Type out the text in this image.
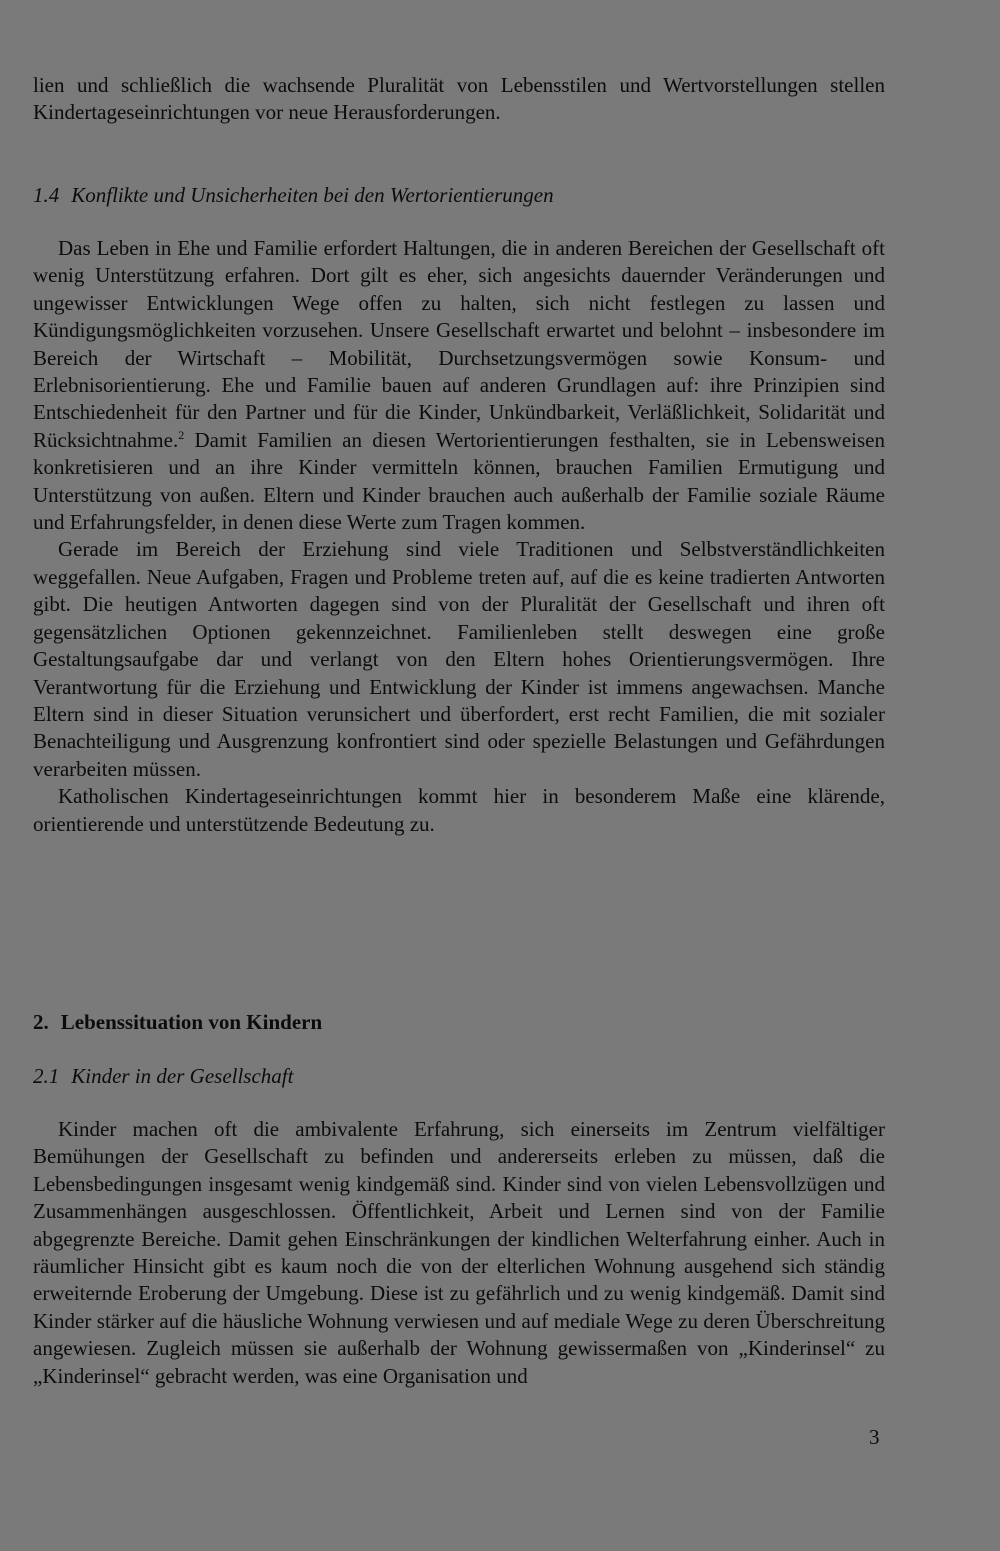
lien und schließlich die wachsende Pluralität von Lebensstilen und Wertvorstellungen stellen Kindertageseinrichtungen vor neue Herausforderungen.

1.4 Konflikte und Unsicherheiten bei den Wertorientierungen

Das Leben in Ehe und Familie erfordert Haltungen, die in anderen Bereichen der Gesellschaft oft wenig Unterstützung erfahren. Dort gilt es eher, sich angesichts dauernder Veränderungen und ungewisser Entwicklungen Wege offen zu halten, sich nicht festlegen zu lassen und Kündigungsmöglichkeiten vorzusehen. Unsere Gesellschaft erwartet und belohnt – insbesondere im Bereich der Wirtschaft – Mobilität, Durchsetzungsvermögen sowie Konsum- und Erlebnisorientierung. Ehe und Familie bauen auf anderen Grundlagen auf: ihre Prinzipien sind Entschiedenheit für den Partner und für die Kinder, Unkündbarkeit, Verläßlichkeit, Solidarität und Rücksichtnahme.$^2$ Damit Familien an diesen Wertorientierungen festhalten, sie in Lebensweisen konkretisieren und an ihre Kinder vermitteln können, brauchen Familien Ermutigung und Unterstützung von außen. Eltern und Kinder brauchen auch außerhalb der Familie soziale Räume und Erfahrungsfelder, in denen diese Werte zum Tragen kommen.

Gerade im Bereich der Erziehung sind viele Traditionen und Selbstverständlichkeiten weggefallen. Neue Aufgaben, Fragen und Probleme treten auf, auf die es keine tradierten Antworten gibt. Die heutigen Antworten dagegen sind von der Pluralität der Gesellschaft und ihren oft gegensätzlichen Optionen gekennzeichnet. Familienleben stellt deswegen eine große Gestaltungsaufgabe dar und verlangt von den Eltern hohes Orientierungsvermögen. Ihre Verantwortung für die Erziehung und Entwicklung der Kinder ist immens angewachsen. Manche Eltern sind in dieser Situation verunsichert und überfordert, erst recht Familien, die mit sozialer Benachteiligung und Ausgrenzung konfrontiert sind oder spezielle Belastungen und Gefährdungen verarbeiten müssen.

Katholischen Kindertageseinrichtungen kommt hier in besonderem Maße eine klärende, orientierende und unterstützende Bedeutung zu.

2. Lebenssituation von Kindern
2.1 Kinder in der Gesellschaft

Kinder machen oft die ambivalente Erfahrung, sich einerseits im Zentrum vielfältiger Bemühungen der Gesellschaft zu befinden und andererseits erleben zu müssen, daß die Lebensbedingungen insgesamt wenig kindgemäß sind. Kinder sind von vielen Lebensvollzügen und Zusammenhängen ausgeschlossen. Öffentlichkeit, Arbeit und Lernen sind von der Familie abgegrenzte Bereiche. Damit gehen Einschränkungen der kindlichen Welterfahrung einher. Auch in räumlicher Hinsicht gibt es kaum noch die von der elterlichen Wohnung ausgehend sich ständig erweiternde Eroberung der Umgebung. Diese ist zu gefährlich und zu wenig kindgemäß. Damit sind Kinder stärker auf die häusliche Wohnung verwiesen und auf mediale Wege zu deren Überschreitung angewiesen. Zugleich müssen sie außerhalb der Wohnung gewissermaßen von „Kinderinsel“ zu „Kinderinsel“ gebracht werden, was eine Organisation und

3
